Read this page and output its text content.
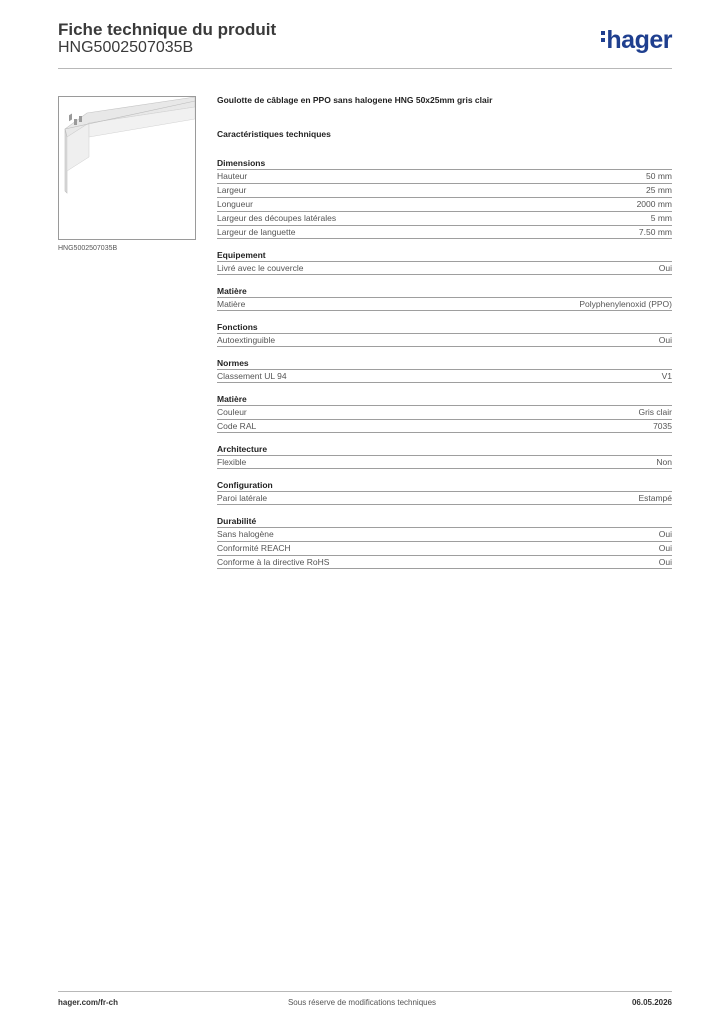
Fiche technique du produit
HNG5002507035B	hager
HNG5002507035B
Goulotte de câblage en PPO sans halogene HNG 50x25mm gris clair
Caractéristiques techniques
Dimensions
Hauteur	50 mm
Largeur	25 mm
Longueur	2000 mm
Largeur des découpes latérales	5 mm
Largeur de languette	7.50 mm
Equipement
Livré avec le couvercle	Oui
Matière
Matière	Polyphenylenoxid (PPO)
Fonctions
Autoextinguible	Oui
Normes
Classement UL 94	V1
Matière
Couleur	Gris clair
Code RAL	7035
Architecture
Flexible	Non
Configuration
Paroi latérale	Estampé
Durabilité
Sans halogène	Oui
Conformité REACH	Oui
Conforme à la directive RoHS	Oui
hager.com/fr-ch	Sous réserve de modifications techniques	06.05.2026
